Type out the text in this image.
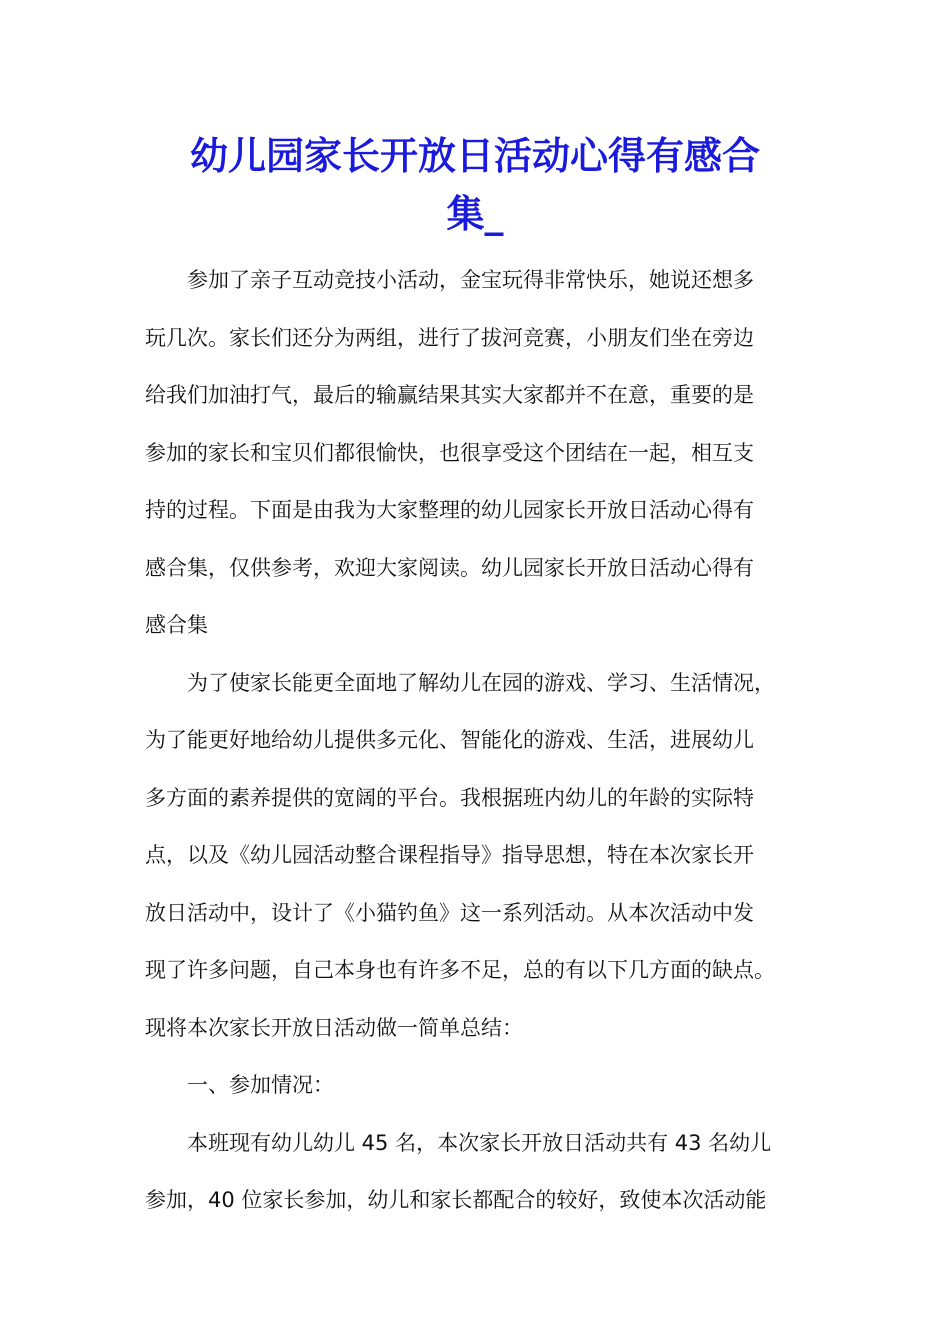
幼儿园家长开放日活动心得有感合
集_

参加了亲子互动竞技小活动，金宝玩得非常快乐，她说还想多
玩几次。家长们还分为两组，进行了拔河竞赛，小朋友们坐在旁边
给我们加油打气，最后的输赢结果其实大家都并不在意，重要的是
参加的家长和宝贝们都很愉快，也很享受这个团结在一起，相互支
持的过程。下面是由我为大家整理的幼儿园家长开放日活动心得有
感合集，仅供参考，欢迎大家阅读。幼儿园家长开放日活动心得有
感合集

为了使家长能更全面地了解幼儿在园的游戏、学习、生活情况，
为了能更好地给幼儿提供多元化、智能化的游戏、生活，进展幼儿
多方面的素养提供的宽阔的平台。我根据班内幼儿的年龄的实际特
点，以及《幼儿园活动整合课程指导》指导思想，特在本次家长开
放日活动中，设计了《小猫钓鱼》这一系列活动。从本次活动中发
现了许多问题，自己本身也有许多不足，总的有以下几方面的缺点。
现将本次家长开放日活动做一简单总结：

一、参加情况：

本班现有幼儿幼儿 45 名，本次家长开放日活动共有 43 名幼儿
参加，40 位家长参加，幼儿和家长都配合的较好，致使本次活动能
